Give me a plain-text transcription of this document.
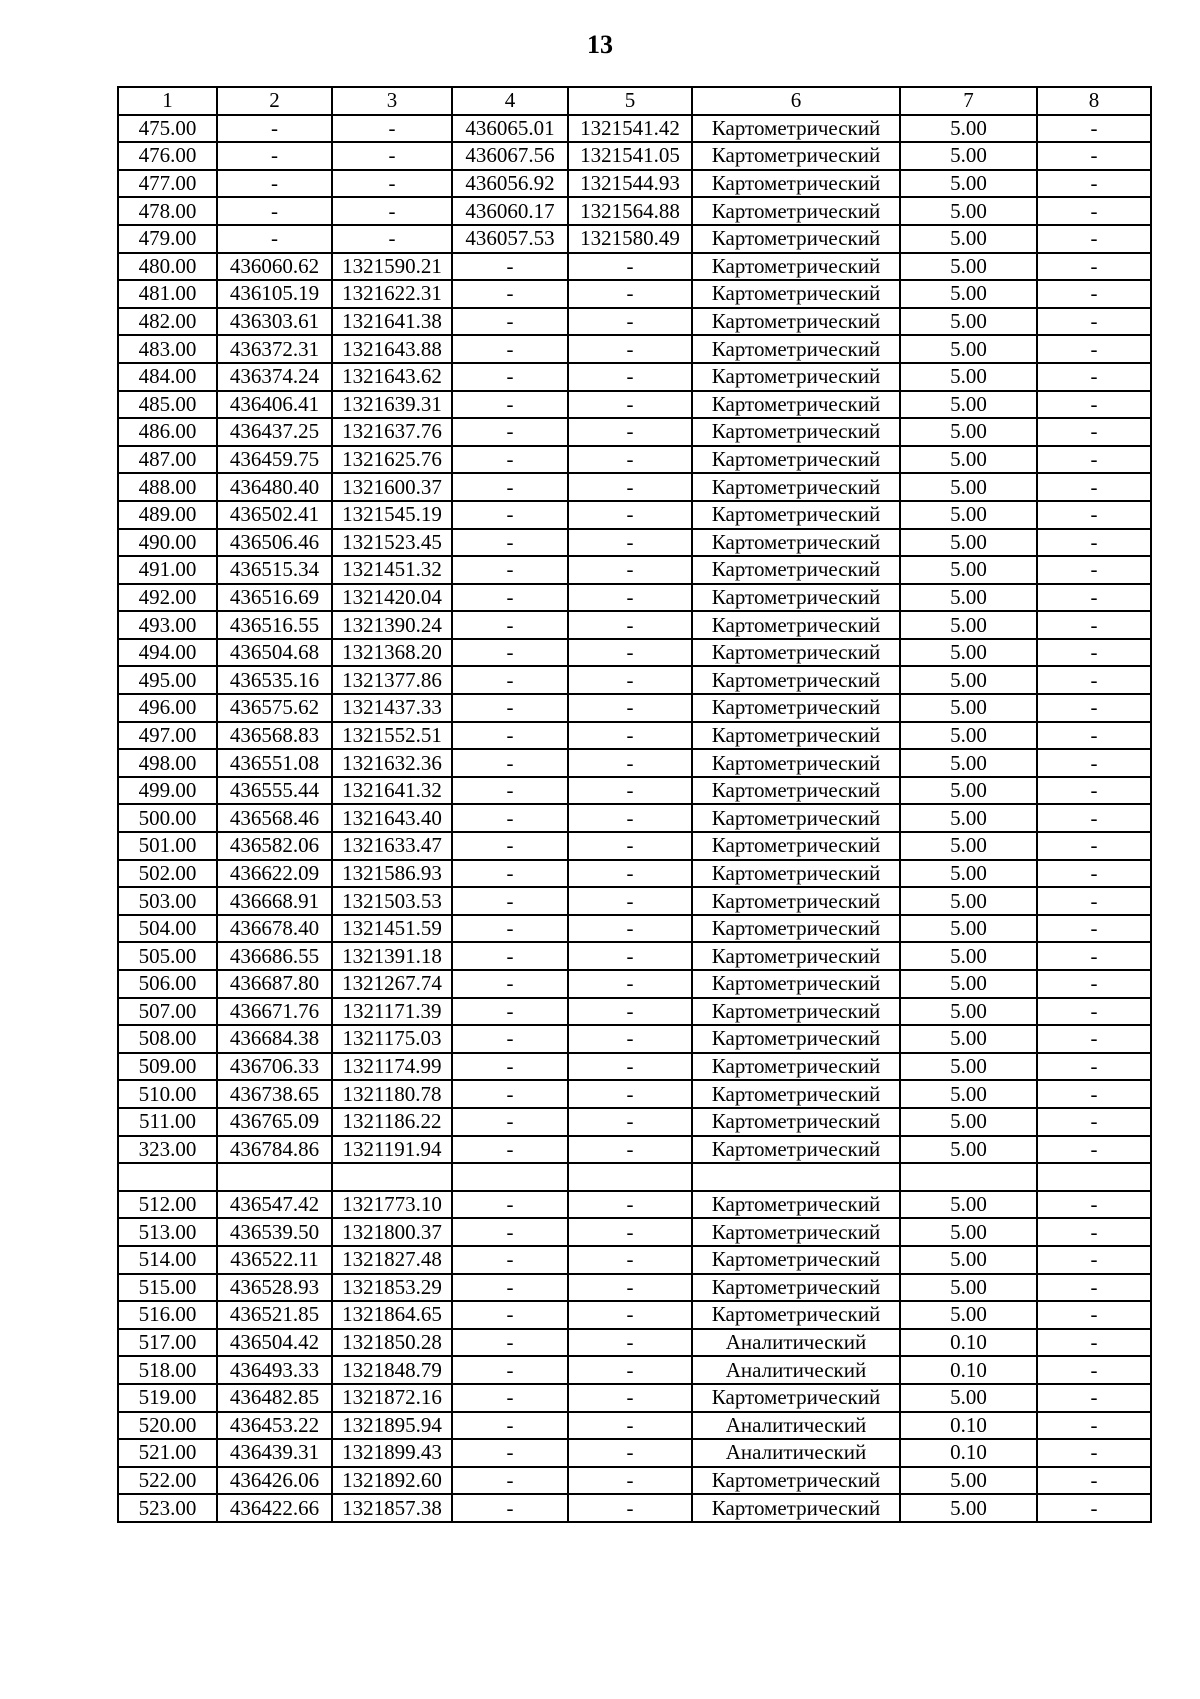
13
1	2	3	4	5	6	7	8
475.00	-	-	436065.01	1321541.42	Картометрический	5.00	-
476.00	-	-	436067.56	1321541.05	Картометрический	5.00	-
477.00	-	-	436056.92	1321544.93	Картометрический	5.00	-
478.00	-	-	436060.17	1321564.88	Картометрический	5.00	-
479.00	-	-	436057.53	1321580.49	Картометрический	5.00	-
480.00	436060.62	1321590.21	-	-	Картометрический	5.00	-
481.00	436105.19	1321622.31	-	-	Картометрический	5.00	-
482.00	436303.61	1321641.38	-	-	Картометрический	5.00	-
483.00	436372.31	1321643.88	-	-	Картометрический	5.00	-
484.00	436374.24	1321643.62	-	-	Картометрический	5.00	-
485.00	436406.41	1321639.31	-	-	Картометрический	5.00	-
486.00	436437.25	1321637.76	-	-	Картометрический	5.00	-
487.00	436459.75	1321625.76	-	-	Картометрический	5.00	-
488.00	436480.40	1321600.37	-	-	Картометрический	5.00	-
489.00	436502.41	1321545.19	-	-	Картометрический	5.00	-
490.00	436506.46	1321523.45	-	-	Картометрический	5.00	-
491.00	436515.34	1321451.32	-	-	Картометрический	5.00	-
492.00	436516.69	1321420.04	-	-	Картометрический	5.00	-
493.00	436516.55	1321390.24	-	-	Картометрический	5.00	-
494.00	436504.68	1321368.20	-	-	Картометрический	5.00	-
495.00	436535.16	1321377.86	-	-	Картометрический	5.00	-
496.00	436575.62	1321437.33	-	-	Картометрический	5.00	-
497.00	436568.83	1321552.51	-	-	Картометрический	5.00	-
498.00	436551.08	1321632.36	-	-	Картометрический	5.00	-
499.00	436555.44	1321641.32	-	-	Картометрический	5.00	-
500.00	436568.46	1321643.40	-	-	Картометрический	5.00	-
501.00	436582.06	1321633.47	-	-	Картометрический	5.00	-
502.00	436622.09	1321586.93	-	-	Картометрический	5.00	-
503.00	436668.91	1321503.53	-	-	Картометрический	5.00	-
504.00	436678.40	1321451.59	-	-	Картометрический	5.00	-
505.00	436686.55	1321391.18	-	-	Картометрический	5.00	-
506.00	436687.80	1321267.74	-	-	Картометрический	5.00	-
507.00	436671.76	1321171.39	-	-	Картометрический	5.00	-
508.00	436684.38	1321175.03	-	-	Картометрический	5.00	-
509.00	436706.33	1321174.99	-	-	Картометрический	5.00	-
510.00	436738.65	1321180.78	-	-	Картометрический	5.00	-
511.00	436765.09	1321186.22	-	-	Картометрический	5.00	-
323.00	436784.86	1321191.94	-	-	Картометрический	5.00	-

512.00	436547.42	1321773.10	-	-	Картометрический	5.00	-
513.00	436539.50	1321800.37	-	-	Картометрический	5.00	-
514.00	436522.11	1321827.48	-	-	Картометрический	5.00	-
515.00	436528.93	1321853.29	-	-	Картометрический	5.00	-
516.00	436521.85	1321864.65	-	-	Картометрический	5.00	-
517.00	436504.42	1321850.28	-	-	Аналитический	0.10	-
518.00	436493.33	1321848.79	-	-	Аналитический	0.10	-
519.00	436482.85	1321872.16	-	-	Картометрический	5.00	-
520.00	436453.22	1321895.94	-	-	Аналитический	0.10	-
521.00	436439.31	1321899.43	-	-	Аналитический	0.10	-
522.00	436426.06	1321892.60	-	-	Картометрический	5.00	-
523.00	436422.66	1321857.38	-	-	Картометрический	5.00	-
